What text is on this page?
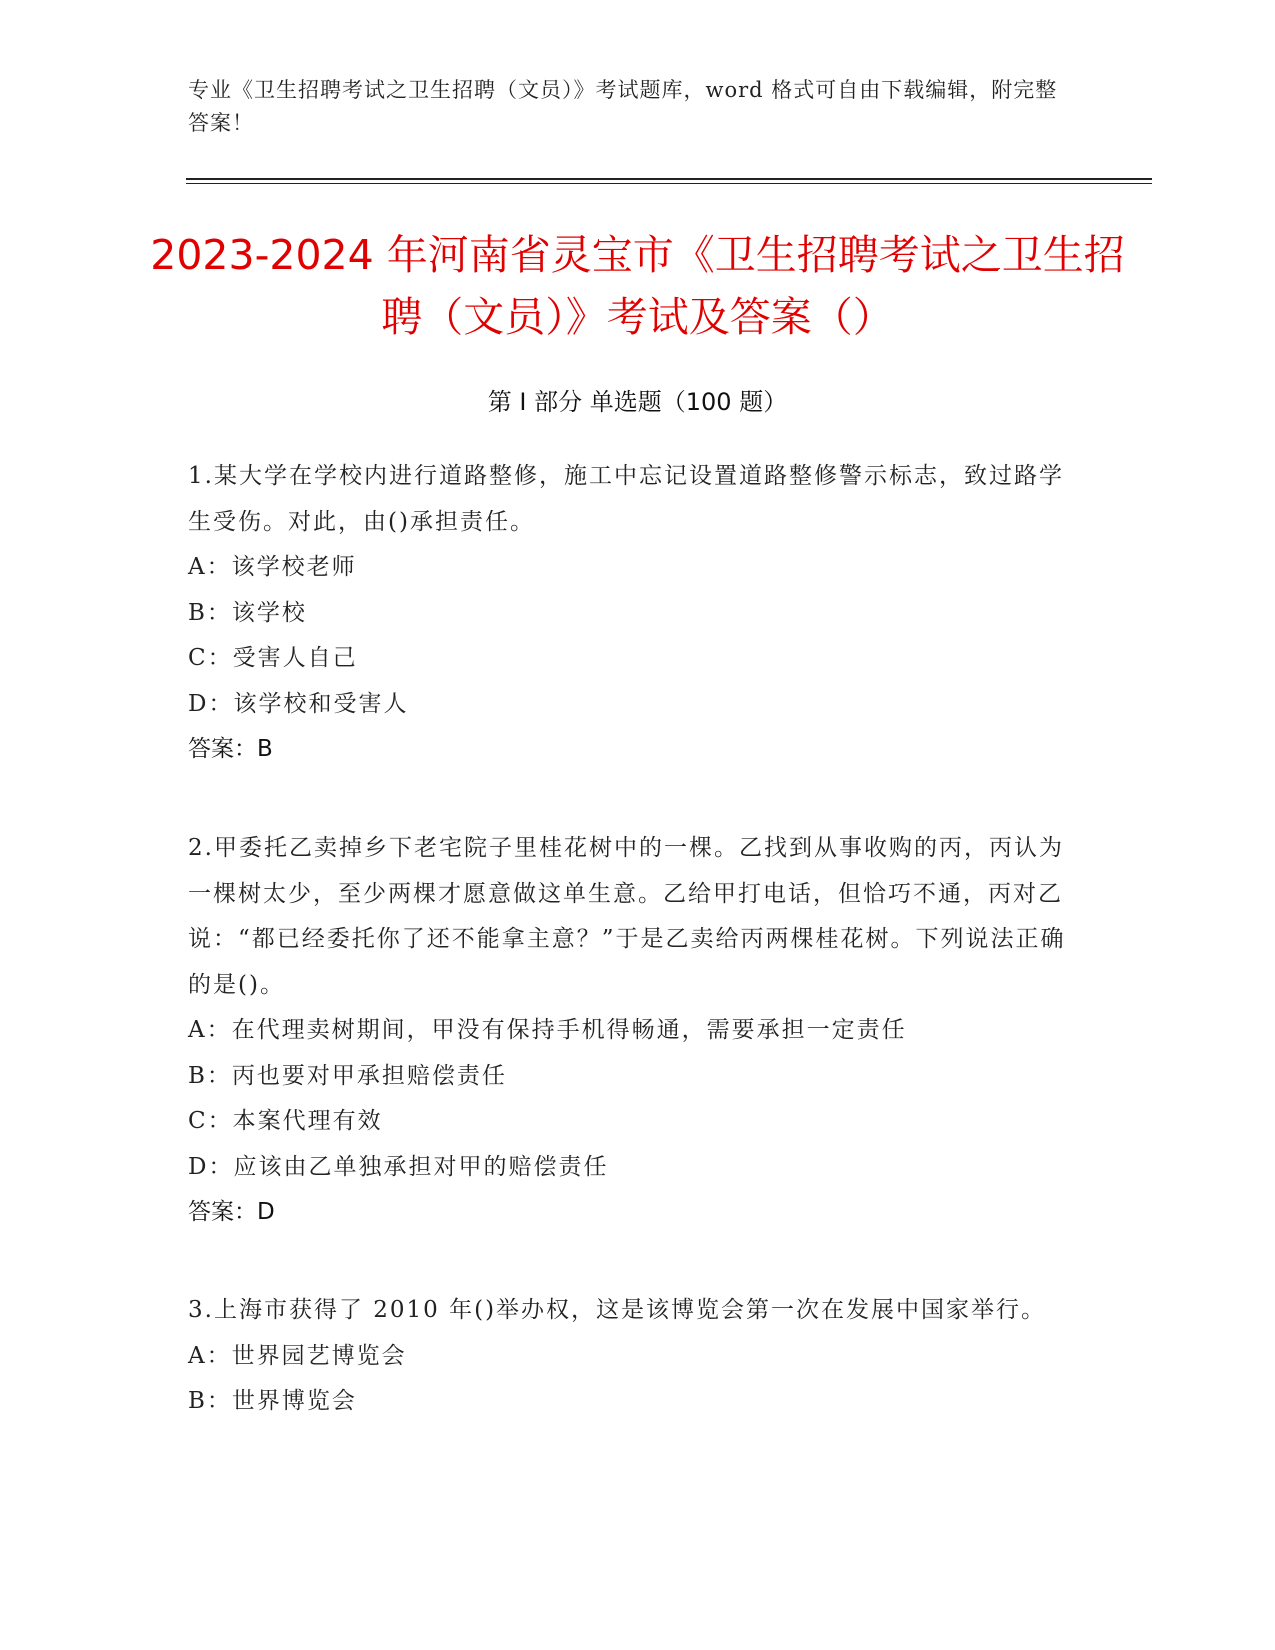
专业《卫生招聘考试之卫生招聘（文员）》考试题库，word 格式可自由下载编辑，附完整答案！
2023-2024 年河南省灵宝市《卫生招聘考试之卫生招聘（文员）》考试及答案（）
第 I 部分 单选题（100 题）
1.某大学在学校内进行道路整修，施工中忘记设置道路整修警示标志，致过路学生受伤。对此，由()承担责任。
A：该学校老师
B：该学校
C：受害人自己
D：该学校和受害人
答案：B
2.甲委托乙卖掉乡下老宅院子里桂花树中的一棵。乙找到从事收购的丙，丙认为一棵树太少，至少两棵才愿意做这单生意。乙给甲打电话，但恰巧不通，丙对乙说：“都已经委托你了还不能拿主意？”于是乙卖给丙两棵桂花树。下列说法正确的是()。
A：在代理卖树期间，甲没有保持手机得畅通，需要承担一定责任
B：丙也要对甲承担赔偿责任
C：本案代理有效
D：应该由乙单独承担对甲的赔偿责任
答案：D
3.上海市获得了 2010 年()举办权，这是该博览会第一次在发展中国家举行。
A：世界园艺博览会
B：世界博览会
